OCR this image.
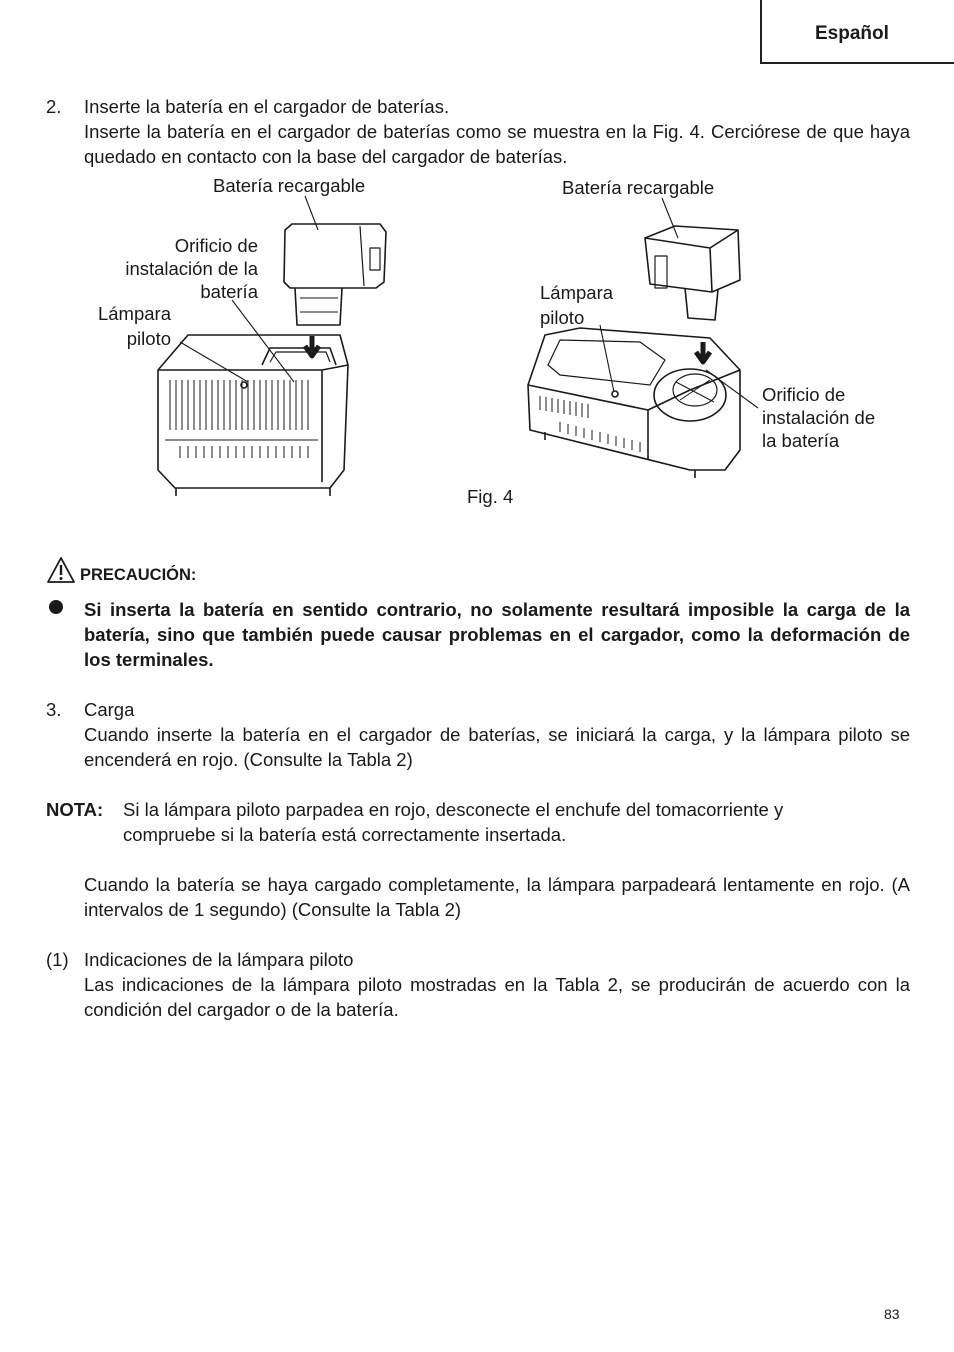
Español
2. Inserte la batería en el cargador de baterías.
Inserte la batería en el cargador de baterías como se muestra en la Fig. 4. Cerciórese de que haya quedado en contacto con la base del cargador de baterías.
Batería recargable
Orificio de
instalación de la
batería
Lámpara
piloto
Batería recargable
Lámpara
piloto
Orificio de
instalación de
la batería
Fig. 4
PRECAUCIÓN:
Si inserta la batería en sentido contrario, no solamente resultará imposible la carga de la batería, sino que también puede causar problemas en el cargador, como la deformación de los terminales.
3. Carga
Cuando inserte la batería en el cargador de baterías, se iniciará la carga, y la lámpara piloto se encenderá en rojo. (Consulte la Tabla 2)
NOTA: Si la lámpara piloto parpadea en rojo, desconecte el enchufe del tomacorriente y
compruebe si la batería está correctamente insertada.
Cuando la batería se haya cargado completamente, la lámpara parpadeará lentamente en rojo. (A intervalos de 1 segundo) (Consulte la Tabla 2)
(1) Indicaciones de la lámpara piloto
Las indicaciones de la lámpara piloto mostradas en la Tabla 2, se producirán de acuerdo con la condición del cargador o de la batería.
83
